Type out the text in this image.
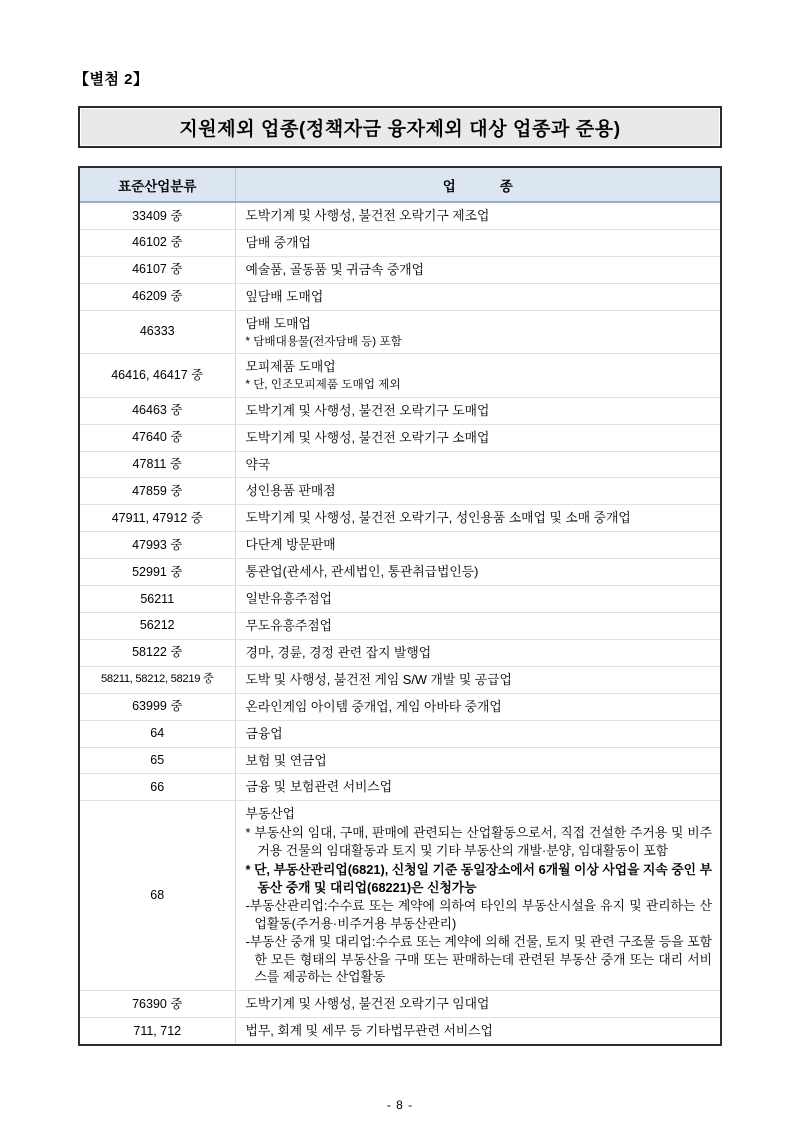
【별첨 2】
지원제외 업종(정책자금 융자제외 대상 업종과 준용)
표준산업분류	업 종
33409 중	도박기계 및 사행성, 불건전 오락기구 제조업
46102 중	담배 중개업
46107 중	예술품, 골동품 및 귀금속 중개업
46209 중	잎담배 도매업
46333	담배 도매업
* 담배대용물(전자담배 등) 포함

46416, 46417 중	모피제품 도매업
* 단, 인조모피제품 도매업 제외

46463 중	도박기계 및 사행성, 불건전 오락기구 도매업
47640 중	도박기계 및 사행성, 불건전 오락기구 소매업
47811 중	약국
47859 중	성인용품 판매점
47911, 47912 중	도박기계 및 사행성, 불건전 오락기구, 성인용품 소매업 및 소매 중개업
47993 중	다단계 방문판매
52991 중	통관업(관세사, 관세법인, 통관취급법인등)
56211	일반유흥주점업
56212	무도유흥주점업
58122 중	경마, 경륜, 경정 관련 잡지 발행업
58211, 58212, 58219 중	도박 및 사행성, 불건전 게임 S/W 개발 및 공급업
63999 중	온라인게임 아이템 중개업, 게임 아바타 중개업
64	금융업
65	보험 및 연금업
66	금융 및 보험관련 서비스업
68	부동산업
* 부동산의 임대, 구매, 판매에 관련되는 산업활동으로서, 직접 건설한 주거용 및 비주거용 건물의 임대활동과 토지 및 기타 부동산의 개발·분양, 임대활동이 포함
* 단, 부동산관리업(6821), 신청일 기준 동일장소에서 6개월 이상 사업을 지속 중인 부동산 중개 및 대리업(68221)은 신청가능
-부동산관리업:수수료 또는 계약에 의하여 타인의 부동산시설을 유지 및 관리하는 산업활동(주거용·비주거용 부동산관리)
-부동산 중개 및 대리업:수수료 또는 계약에 의해 건물, 토지 및 관련 구조물 등을 포함한 모든 형태의 부동산을 구매 또는 판매하는데 관련된 부동산 중개 또는 대리 서비스를 제공하는 산업활동

76390 중	도박기계 및 사행성, 불건전 오락기구 임대업
711, 712	법무, 회계 및 세무 등 기타법무관련 서비스업
- 8 -
